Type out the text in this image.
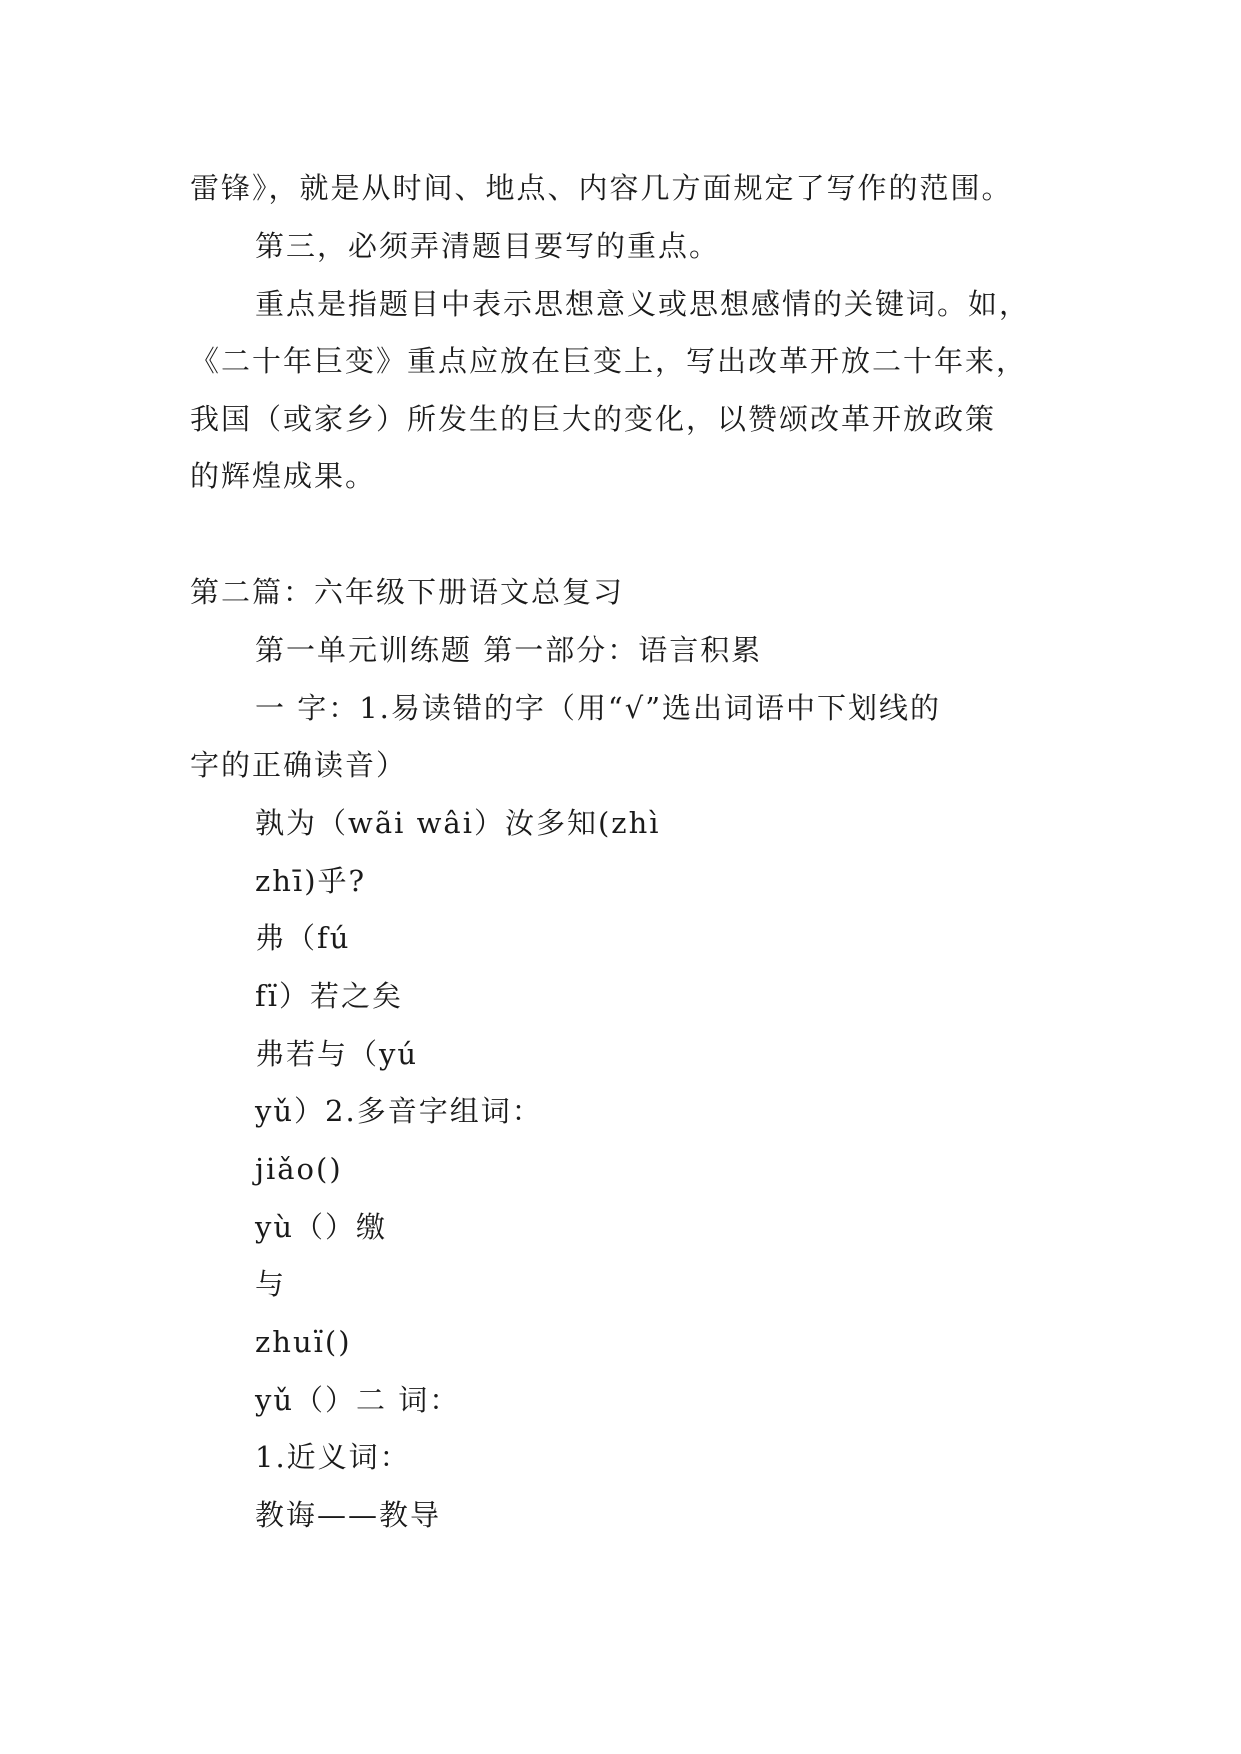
雷锋》，就是从时间、地点、内容几方面规定了写作的范围。
第三，必须弄清题目要写的重点。
重点是指题目中表示思想意义或思想感情的关键词。如，
《二十年巨变》重点应放在巨变上，写出改革开放二十年来，
我国（或家乡）所发生的巨大的变化，以赞颂改革开放政策
的辉煌成果。
第二篇：六年级下册语文总复习
第一单元训练题 第一部分：语言积累
一 字：1.易读错的字（用“√”选出词语中下划线的
字的正确读音）
孰为（wãi wâi）汝多知(zhì
zhī)乎?
弗（fú
fï）若之矣
弗若与（yú
yǔ）2.多音字组词：
jiǎo()
yù（）缴
与
zhuï()
yǔ（）二 词：
1.近义词：
教诲——教导
